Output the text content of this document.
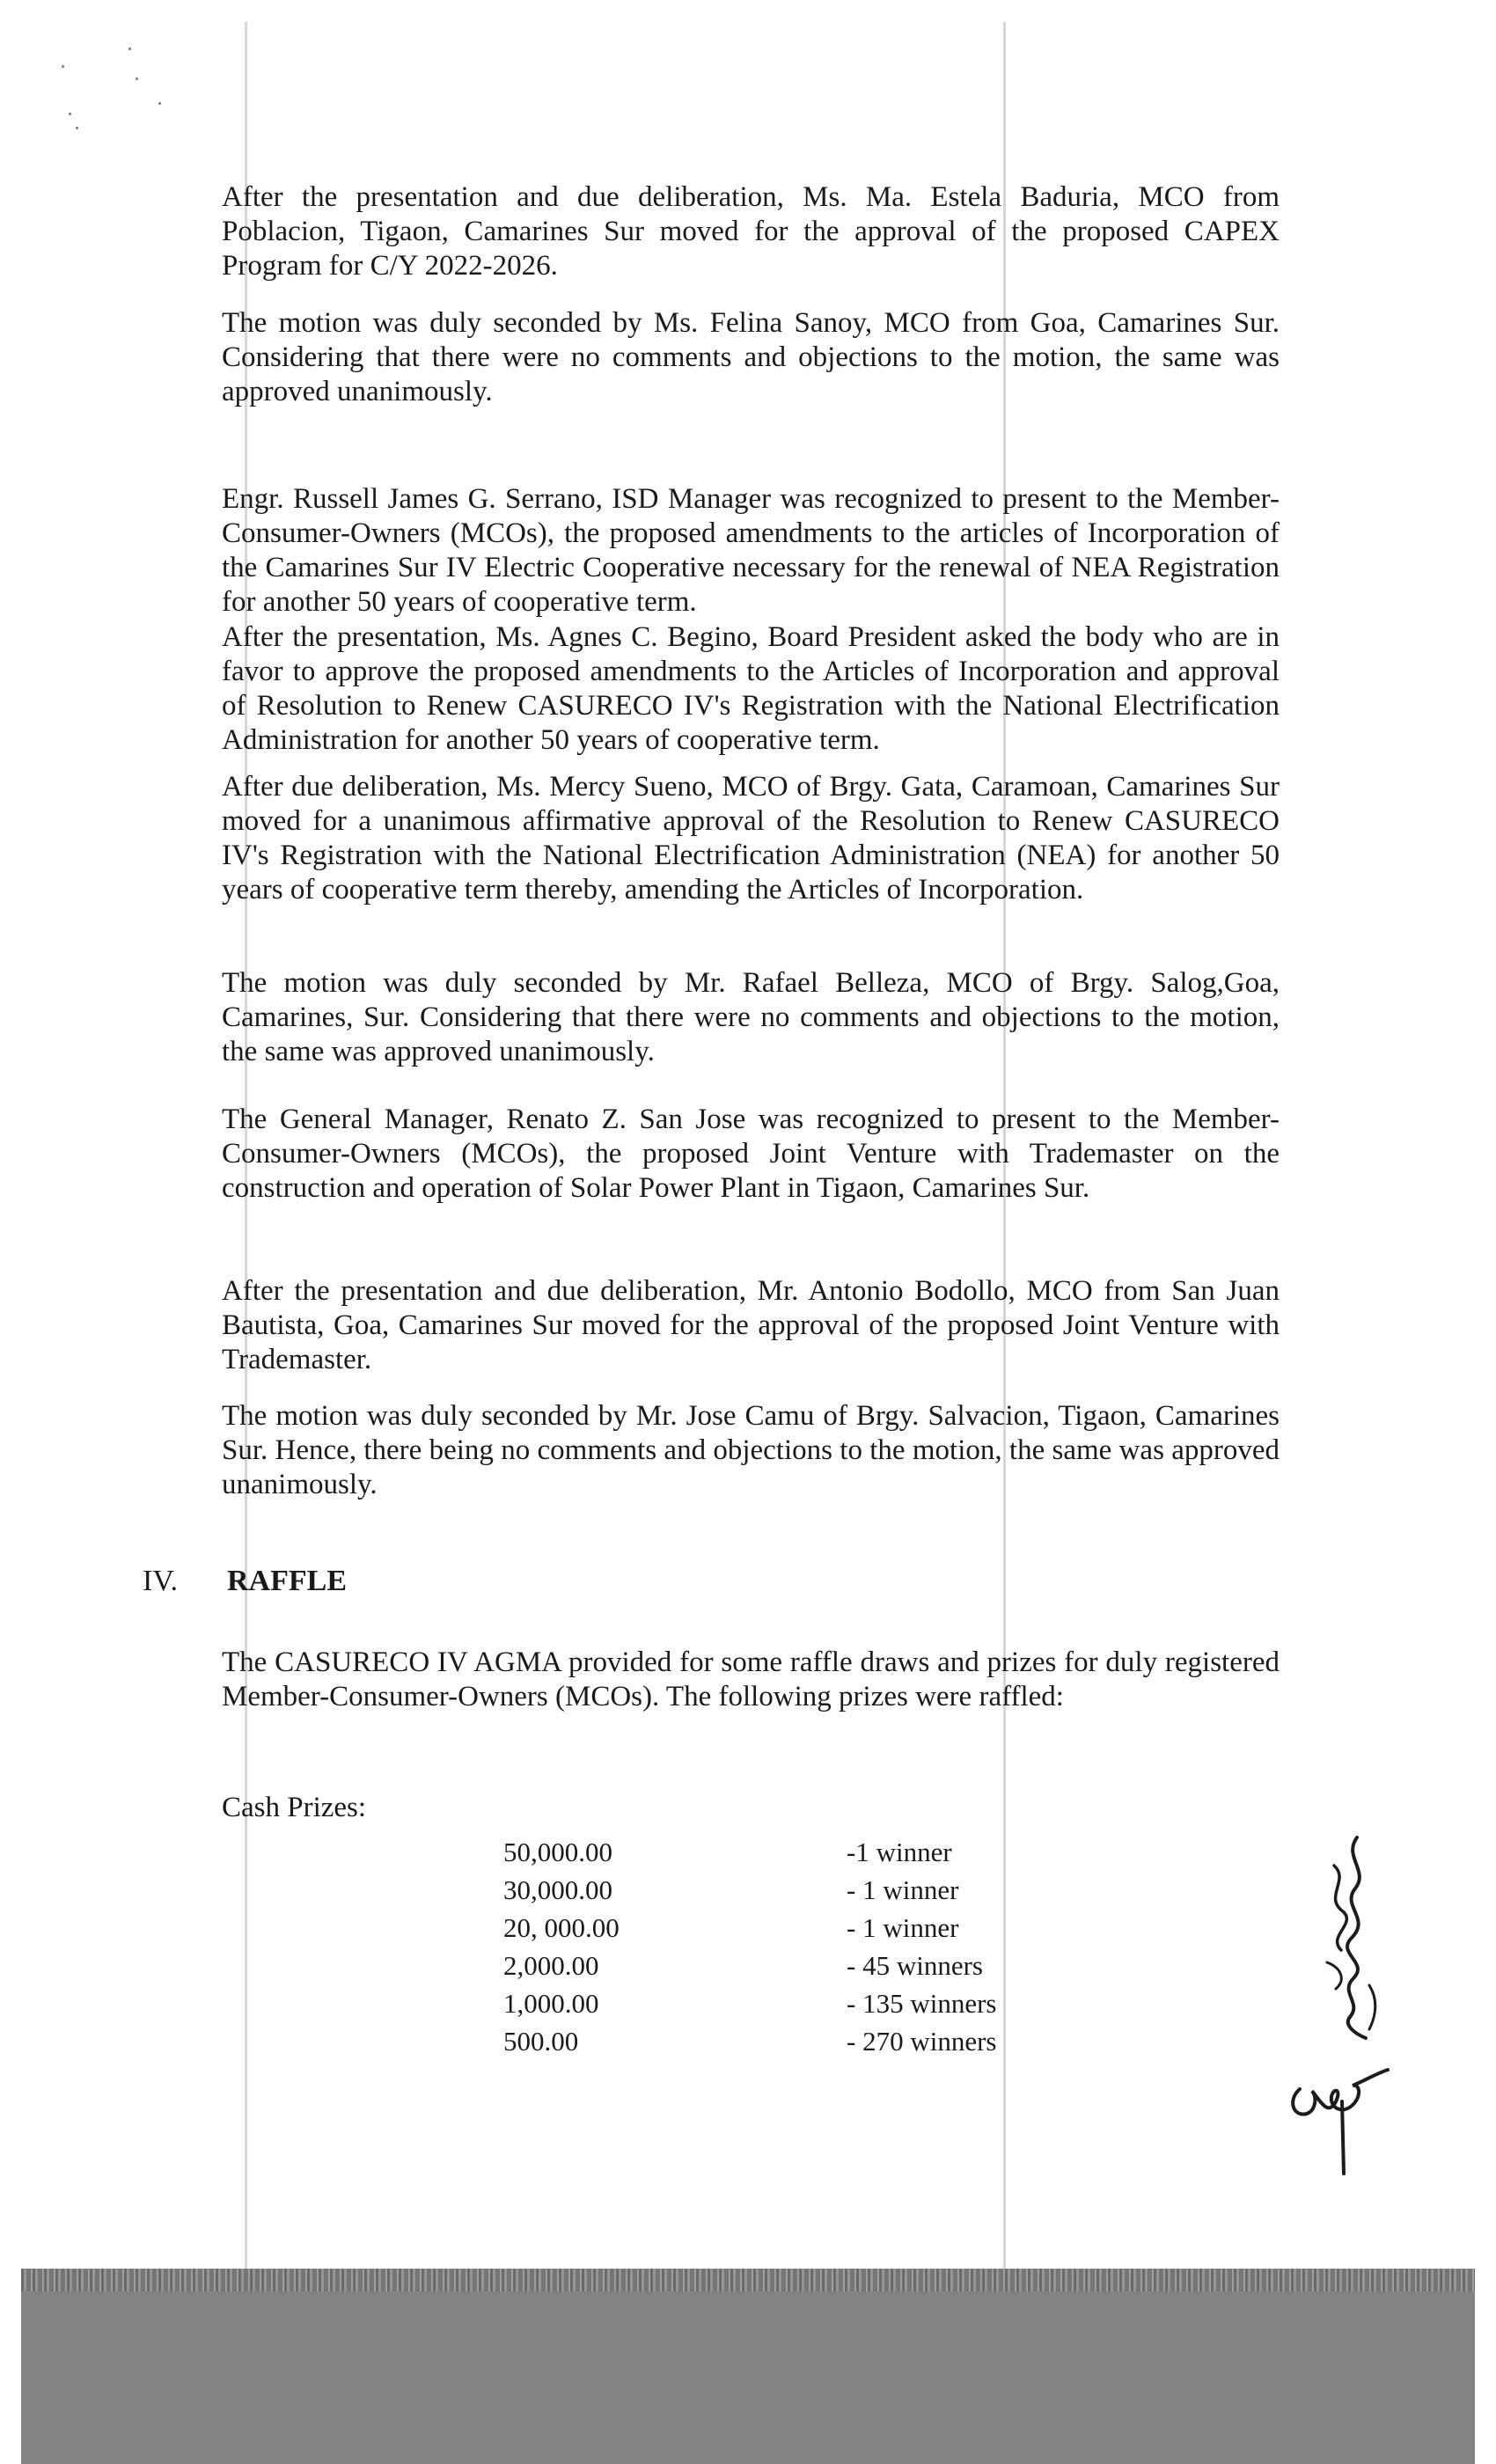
After the presentation and due deliberation, Ms. Ma. Estela Baduria, MCO from Poblacion, Tigaon, Camarines Sur moved for the approval of the proposed CAPEX Program for C/Y 2022-2026.

The motion was duly seconded by Ms. Felina Sanoy, MCO from Goa, Camarines Sur. Considering that there were no comments and objections to the motion, the same was approved unanimously.

Engr. Russell James G. Serrano, ISD Manager was recognized to present to the Member-Consumer-Owners (MCOs), the proposed amendments to the articles of Incorporation of the Camarines Sur IV Electric Cooperative necessary for the renewal of NEA Registration for another 50 years of cooperative term.

After the presentation, Ms. Agnes C. Begino, Board President asked the body who are in favor to approve the proposed amendments to the Articles of Incorporation and approval of Resolution to Renew CASURECO IV's Registration with the National Electrification Administration for another 50 years of cooperative term.

After due deliberation, Ms. Mercy Sueno, MCO of Brgy. Gata, Caramoan, Camarines Sur moved for a unanimous affirmative approval of the Resolution to Renew CASURECO IV's Registration with the National Electrification Administration (NEA) for another 50 years of cooperative term thereby, amending the Articles of Incorporation.

The motion was duly seconded by Mr. Rafael Belleza, MCO of Brgy. Salog,Goa, Camarines, Sur. Considering that there were no comments and objections to the motion, the same was approved unanimously.

The General Manager, Renato Z. San Jose was recognized to present to the Member-Consumer-Owners (MCOs), the proposed Joint Venture with Trademaster on the construction and operation of Solar Power Plant in Tigaon, Camarines Sur.

After the presentation and due deliberation, Mr. Antonio Bodollo, MCO from San Juan Bautista, Goa, Camarines Sur moved for the approval of the proposed Joint Venture with Trademaster.

The motion was duly seconded by Mr. Jose Camu of Brgy. Salvacion, Tigaon, Camarines Sur. Hence, there being no comments and objections to the motion, the same was approved unanimously.

IV. RAFFLE

The CASURECO IV AGMA provided for some raffle draws and prizes for duly registered Member-Consumer-Owners (MCOs). The following prizes were raffled:

Cash Prizes:
50,000.00	-1 winner
30,000.00	- 1 winner
20, 000.00	- 1 winner
2,000.00	- 45 winners
1,000.00	- 135 winners
500.00	- 270 winners
